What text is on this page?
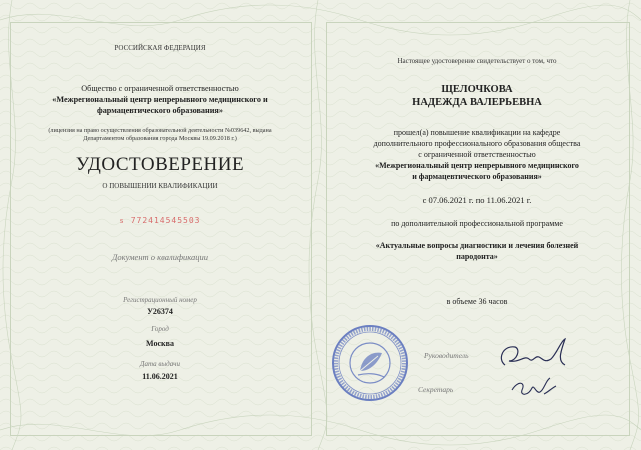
РОССИЙСКАЯ ФЕДЕРАЦИЯ
Общество с ограниченной ответственностью
«Межрегиональный центр непрерывного медицинского и
фармацевтического образования»
(лицензия на право осуществления образовательной деятельности №039642, выдана
Департаментом образования города Москвы 19.09.2018 г.)
УДОСТОВЕРЕНИЕ
О ПОВЫШЕНИИ КВАЛИФИКАЦИИ
s 772414545503
Документ о квалификации
Регистрационный номер
У26374
Город
Москва
Дата выдачи
11.06.2021
Настоящее удостоверение свидетельствует о том, что
ЩЕЛОЧКОВА
НАДЕЖДА ВАЛЕРЬЕВНА
прошел(а) повышение квалификации на кафедре
дополнительного профессионального образования общества
с ограниченной ответственностью
«Межрегиональный центр непрерывного медицинского
и фармацевтического образования»
с 07.06.2021 г. по 11.06.2021 г.
по дополнительной профессиональной программе
«Актуальные вопросы диагностики и лечения болезней
пародонта»
в объеме 36 часов
Руководитель
Секретарь
